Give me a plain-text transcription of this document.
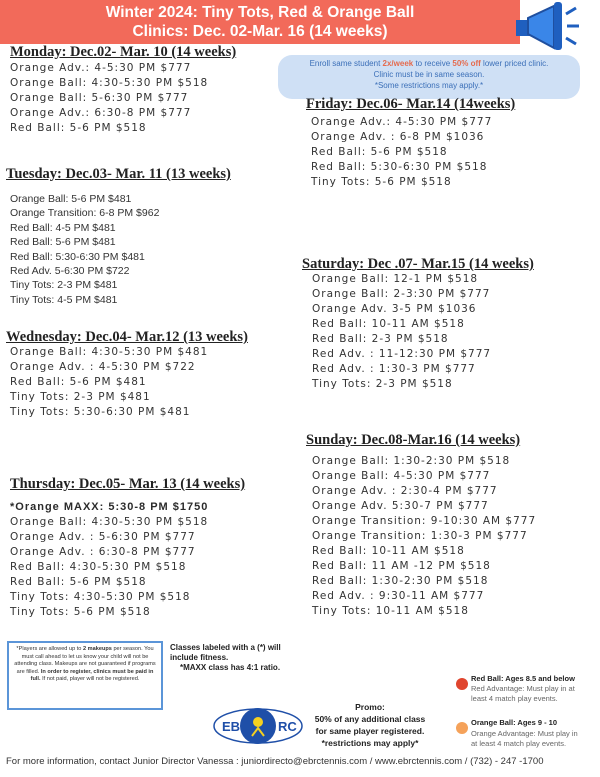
Winter 2024: Tiny Tots, Red & Orange Ball
Clinics: Dec. 02-Mar. 16 (14 weeks)
Enroll same student 2x/week to receive 50% off lower priced clinic.
Clinic must be in same season.
*Some restrictions may apply.*
Monday: Dec.02- Mar. 10 (14 weeks)
Orange Adv.: 4-5:30 PM $777
Orange Ball: 4:30-5:30 PM $518
Orange Ball: 5-6:30 PM $777
Orange Adv.: 6:30-8 PM $777
Red Ball: 5-6 PM $518
Tuesday: Dec.03- Mar. 11 (13 weeks)
Orange Ball: 5-6 PM $481
Orange Transition: 6-8 PM $962
Red Ball: 4-5 PM $481
Red Ball: 5-6 PM $481
Red Ball: 5:30-6:30 PM $481
Red Adv. 5-6:30 PM $722
Tiny Tots: 2-3 PM $481
Tiny Tots: 4-5 PM $481
Wednesday: Dec.04- Mar.12 (13 weeks)
Orange Ball: 4:30-5:30 PM $481
Orange Adv. : 4-5:30 PM $722
Red Ball: 5-6 PM $481
Tiny Tots: 2-3 PM $481
Tiny Tots: 5:30-6:30 PM $481
Thursday: Dec.05- Mar. 13 (14 weeks)
*Orange MAXX: 5:30-8 PM $1750
Orange Ball: 4:30-5:30 PM $518
Orange Adv. : 5-6:30 PM $777
Orange Adv. : 6:30-8 PM $777
Red Ball: 4:30-5:30 PM $518
Red Ball: 5-6 PM $518
Tiny Tots: 4:30-5:30 PM $518
Tiny Tots: 5-6 PM $518
Friday: Dec.06- Mar.14 (14weeks)
Orange Adv.: 4-5:30 PM $777
Orange Adv. : 6-8 PM $1036
Red Ball: 5-6 PM $518
Red Ball: 5:30-6:30 PM $518
Tiny Tots: 5-6 PM $518
Saturday: Dec .07- Mar.15 (14 weeks)
Orange Ball: 12-1 PM $518
Orange Ball: 2-3:30 PM $777
Orange Adv. 3-5 PM $1036
Red Ball: 10-11 AM $518
Red Ball: 2-3 PM $518
Red Adv. : 11-12:30 PM $777
Red Adv. : 1:30-3 PM $777
Tiny Tots: 2-3 PM $518
Sunday: Dec.08-Mar.16 (14 weeks)
Orange Ball: 1:30-2:30 PM $518
Orange Ball: 4-5:30 PM $777
Orange Adv. : 2:30-4 PM $777
Orange Adv. 5:30-7 PM $777
Orange Transition: 9-10:30 AM $777
Orange Transition: 1:30-3 PM $777
Red Ball: 10-11 AM $518
Red Ball: 11 AM -12 PM $518
Red Ball: 1:30-2:30 PM $518
Red Adv. : 9:30-11 AM $777
Tiny Tots: 10-11 AM $518
*Players are allowed up to 2 makeups per season. You must call ahead to let us know your child will not be attending class. Makeups are not guaranteed if programs are filled. In order to register, clinics must be paid in full. If not paid, player will not be registered.
Classes labeled with a (*) will include fitness.
*MAXX class has 4:1 ratio.
EB	RC
Promo:
50% of any additional class
for same player registered.
*restrictions may apply*
Red Ball: Ages 8.5 and below
Red Advantage: Must play in at least 4 match play events.
Orange Ball: Ages 9 - 10
Orange Advantage: Must play in at least 4 match play events.
For more information, contact Junior Director Vanessa : juniordirecto@ebrctennis.com / www.ebrctennis.com / (732) - 247 -1700
